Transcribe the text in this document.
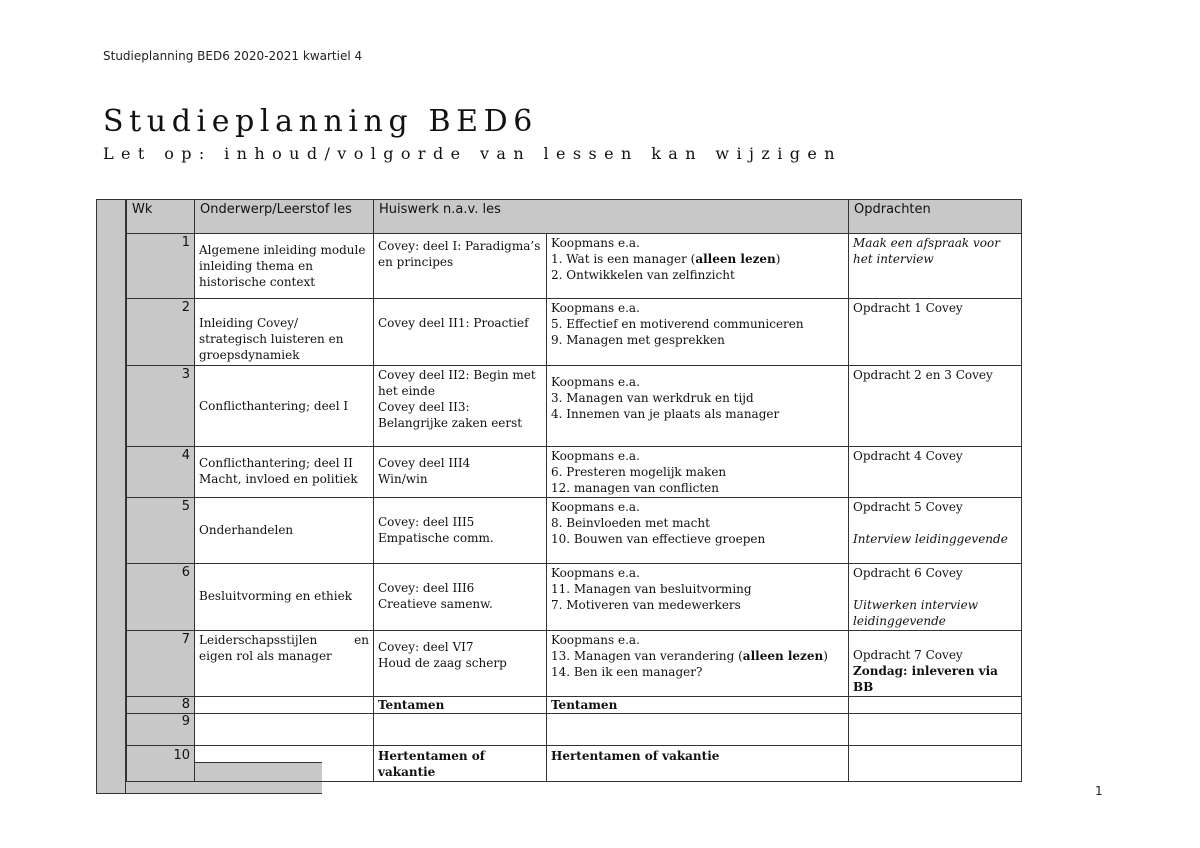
Studieplanning BED6 2020-2021 kwartiel 4
Studieplanning BED6
Let op: inhoud/volgorde van lessen kan wijzigen
Wk	Onderwerp/Leerstof les	Huiswerk n.a.v. les		Opdrachten
1	Algemene inleiding module inleiding thema en historische context	Covey: deel I: Paradigma’s en principes	Koopmans e.a.
1. Wat is een manager (alleen lezen)
2. Ontwikkelen van zelfinzicht	Maak een afspraak voor het interview
2	Inleiding Covey/ strategisch luisteren en groepsdynamiek	Covey deel II1: Proactief	Koopmans e.a.
5. Effectief en motiverend communiceren
9. Managen met gesprekken	Opdracht 1 Covey
3	Conflicthantering; deel I	Covey deel II2: Begin met het einde
Covey deel II3: Belangrijke zaken eerst	Koopmans e.a.
3. Managen van werkdruk en tijd
4. Innemen van je plaats als manager	Opdracht 2 en 3 Covey
4	Conflicthantering; deel II
Macht, invloed en politiek	Covey deel III4
Win/win	Koopmans e.a.
6. Presteren mogelijk maken
12. managen van conflicten	Opdracht 4 Covey
5	Onderhandelen	Covey: deel III5
Empatische comm.	Koopmans e.a.
8. Beinvloeden met macht
10. Bouwen van effectieve groepen	Opdracht 5 Covey
Interview leidinggevende

6	Besluitvorming en ethiek	Covey: deel III6
Creatieve samenw.	Koopmans e.a.
11. Managen van besluitvorming
7. Motiveren van medewerkers	Opdracht 6 Covey
Uitwerken interview leidinggevende

7	Leiderschapsstijlen en eigen rol als manager	Covey: deel VI7
Houd de zaag scherp	Koopmans e.a.
13. Managen van verandering (alleen lezen)
14. Ben ik een manager?	Opdracht 7 Covey
Zondag: inleveren via BB

8		Tentamen	Tentamen	
9				
10		Hertentamen of vakantie	Hertentamen of vakantie	
1
